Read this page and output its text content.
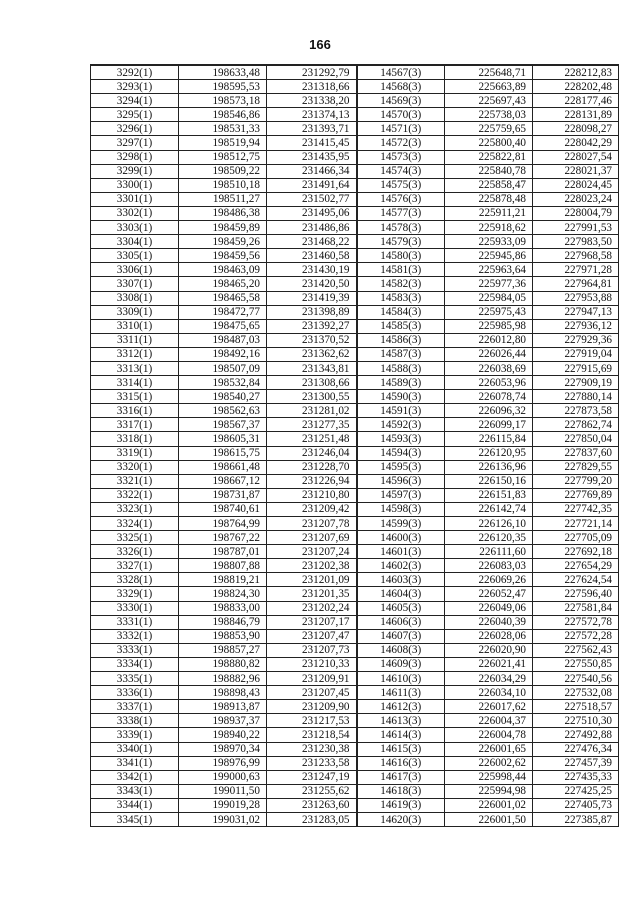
166
3292(1)	198633,48	231292,79	14567(3)	225648,71	228212,83
3293(1)	198595,53	231318,66	14568(3)	225663,89	228202,48
3294(1)	198573,18	231338,20	14569(3)	225697,43	228177,46
3295(1)	198546,86	231374,13	14570(3)	225738,03	228131,89
3296(1)	198531,33	231393,71	14571(3)	225759,65	228098,27
3297(1)	198519,94	231415,45	14572(3)	225800,40	228042,29
3298(1)	198512,75	231435,95	14573(3)	225822,81	228027,54
3299(1)	198509,22	231466,34	14574(3)	225840,78	228021,37
3300(1)	198510,18	231491,64	14575(3)	225858,47	228024,45
3301(1)	198511,27	231502,77	14576(3)	225878,48	228023,24
3302(1)	198486,38	231495,06	14577(3)	225911,21	228004,79
3303(1)	198459,89	231486,86	14578(3)	225918,62	227991,53
3304(1)	198459,26	231468,22	14579(3)	225933,09	227983,50
3305(1)	198459,56	231460,58	14580(3)	225945,86	227968,58
3306(1)	198463,09	231430,19	14581(3)	225963,64	227971,28
3307(1)	198465,20	231420,50	14582(3)	225977,36	227964,81
3308(1)	198465,58	231419,39	14583(3)	225984,05	227953,88
3309(1)	198472,77	231398,89	14584(3)	225975,43	227947,13
3310(1)	198475,65	231392,27	14585(3)	225985,98	227936,12
3311(1)	198487,03	231370,52	14586(3)	226012,80	227929,36
3312(1)	198492,16	231362,62	14587(3)	226026,44	227919,04
3313(1)	198507,09	231343,81	14588(3)	226038,69	227915,69
3314(1)	198532,84	231308,66	14589(3)	226053,96	227909,19
3315(1)	198540,27	231300,55	14590(3)	226078,74	227880,14
3316(1)	198562,63	231281,02	14591(3)	226096,32	227873,58
3317(1)	198567,37	231277,35	14592(3)	226099,17	227862,74
3318(1)	198605,31	231251,48	14593(3)	226115,84	227850,04
3319(1)	198615,75	231246,04	14594(3)	226120,95	227837,60
3320(1)	198661,48	231228,70	14595(3)	226136,96	227829,55
3321(1)	198667,12	231226,94	14596(3)	226150,16	227799,20
3322(1)	198731,87	231210,80	14597(3)	226151,83	227769,89
3323(1)	198740,61	231209,42	14598(3)	226142,74	227742,35
3324(1)	198764,99	231207,78	14599(3)	226126,10	227721,14
3325(1)	198767,22	231207,69	14600(3)	226120,35	227705,09
3326(1)	198787,01	231207,24	14601(3)	226111,60	227692,18
3327(1)	198807,88	231202,38	14602(3)	226083,03	227654,29
3328(1)	198819,21	231201,09	14603(3)	226069,26	227624,54
3329(1)	198824,30	231201,35	14604(3)	226052,47	227596,40
3330(1)	198833,00	231202,24	14605(3)	226049,06	227581,84
3331(1)	198846,79	231207,17	14606(3)	226040,39	227572,78
3332(1)	198853,90	231207,47	14607(3)	226028,06	227572,28
3333(1)	198857,27	231207,73	14608(3)	226020,90	227562,43
3334(1)	198880,82	231210,33	14609(3)	226021,41	227550,85
3335(1)	198882,96	231209,91	14610(3)	226034,29	227540,56
3336(1)	198898,43	231207,45	14611(3)	226034,10	227532,08
3337(1)	198913,87	231209,90	14612(3)	226017,62	227518,57
3338(1)	198937,37	231217,53	14613(3)	226004,37	227510,30
3339(1)	198940,22	231218,54	14614(3)	226004,78	227492,88
3340(1)	198970,34	231230,38	14615(3)	226001,65	227476,34
3341(1)	198976,99	231233,58	14616(3)	226002,62	227457,39
3342(1)	199000,63	231247,19	14617(3)	225998,44	227435,33
3343(1)	199011,50	231255,62	14618(3)	225994,98	227425,25
3344(1)	199019,28	231263,60	14619(3)	226001,02	227405,73
3345(1)	199031,02	231283,05	14620(3)	226001,50	227385,87
